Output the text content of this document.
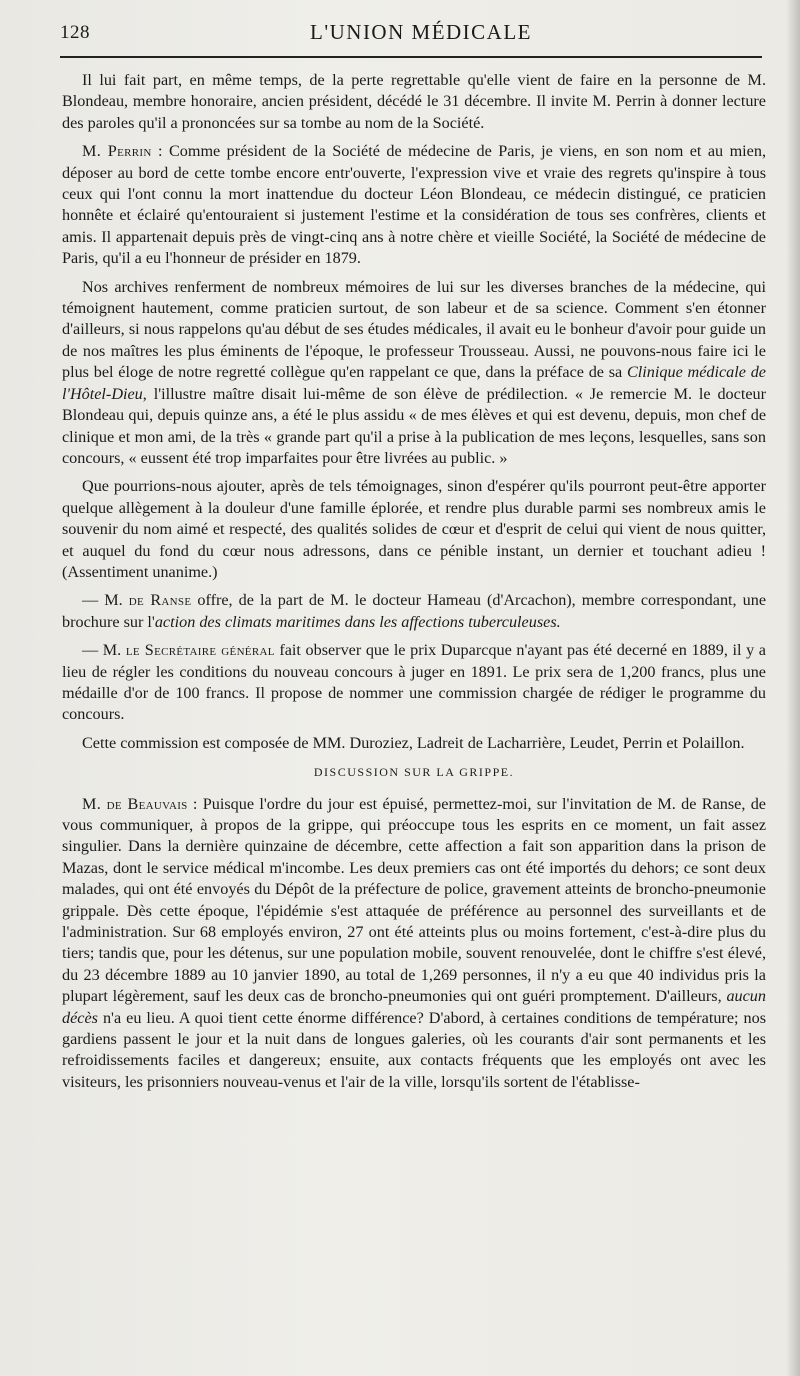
128	L'UNION MÉDICALE

Il lui fait part, en même temps, de la perte regrettable qu'elle vient de faire en la personne de M. Blondeau, membre honoraire, ancien président, décédé le 31 décembre. Il invite M. Perrin à donner lecture des paroles qu'il a prononcées sur sa tombe au nom de la Société.

M. Perrin : Comme président de la Société de médecine de Paris, je viens, en son nom et au mien, déposer au bord de cette tombe encore entr'ouverte, l'expression vive et vraie des regrets qu'inspire à tous ceux qui l'ont connu la mort inattendue du docteur Léon Blondeau, ce médecin distingué, ce praticien honnête et éclairé qu'entouraient si justement l'estime et la considération de tous ses confrères, clients et amis. Il appartenait depuis près de vingt-cinq ans à notre chère et vieille Société, la Société de médecine de Paris, qu'il a eu l'honneur de présider en 1879.

Nos archives renferment de nombreux mémoires de lui sur les diverses branches de la médecine, qui témoignent hautement, comme praticien surtout, de son labeur et de sa science. Comment s'en étonner d'ailleurs, si nous rappelons qu'au début de ses études médicales, il avait eu le bonheur d'avoir pour guide un de nos maîtres les plus éminents de l'époque, le professeur Trousseau. Aussi, ne pouvons-nous faire ici le plus bel éloge de notre regretté collègue qu'en rappelant ce que, dans la préface de sa Clinique médicale de l'Hôtel-Dieu, l'illustre maître disait lui-même de son élève de prédilection. « Je remercie M. le docteur Blondeau qui, depuis quinze ans, a été le plus assidu « de mes élèves et qui est devenu, depuis, mon chef de clinique et mon ami, de la très « grande part qu'il a prise à la publication de mes leçons, lesquelles, sans son concours, « eussent été trop imparfaites pour être livrées au public. »

Que pourrions-nous ajouter, après de tels témoignages, sinon d'espérer qu'ils pourront peut-être apporter quelque allègement à la douleur d'une famille éplorée, et rendre plus durable parmi ses nombreux amis le souvenir du nom aimé et respecté, des qualités solides de cœur et d'esprit de celui qui vient de nous quitter, et auquel du fond du cœur nous adressons, dans ce pénible instant, un dernier et touchant adieu ! (Assentiment unanime.)

— M. de Ranse offre, de la part de M. le docteur Hameau (d'Arcachon), membre correspondant, une brochure sur l'action des climats maritimes dans les affections tuberculeuses.

— M. le Secrétaire général fait observer que le prix Duparcque n'ayant pas été decerné en 1889, il y a lieu de régler les conditions du nouveau concours à juger en 1891. Le prix sera de 1,200 francs, plus une médaille d'or de 100 francs. Il propose de nommer une commission chargée de rédiger le programme du concours.

Cette commission est composée de MM. Duroziez, Ladreit de Lacharrière, Leudet, Perrin et Polaillon.

DISCUSSION SUR LA GRIPPE.

M. de Beauvais : Puisque l'ordre du jour est épuisé, permettez-moi, sur l'invitation de M. de Ranse, de vous communiquer, à propos de la grippe, qui préoccupe tous les esprits en ce moment, un fait assez singulier. Dans la dernière quinzaine de décembre, cette affection a fait son apparition dans la prison de Mazas, dont le service médical m'incombe. Les deux premiers cas ont été importés du dehors; ce sont deux malades, qui ont été envoyés du Dépôt de la préfecture de police, gravement atteints de broncho-pneumonie grippale. Dès cette époque, l'épidémie s'est attaquée de préférence au personnel des surveillants et de l'administration. Sur 68 employés environ, 27 ont été atteints plus ou moins fortement, c'est-à-dire plus du tiers; tandis que, pour les détenus, sur une population mobile, souvent renouvelée, dont le chiffre s'est élevé, du 23 décembre 1889 au 10 janvier 1890, au total de 1,269 personnes, il n'y a eu que 40 individus pris la plupart légèrement, sauf les deux cas de broncho-pneumonies qui ont guéri promptement. D'ailleurs, aucun décès n'a eu lieu. A quoi tient cette énorme différence? D'abord, à certaines conditions de température; nos gardiens passent le jour et la nuit dans de longues galeries, où les courants d'air sont permanents et les refroidissements faciles et dangereux; ensuite, aux contacts fréquents que les employés ont avec les visiteurs, les prisonniers nouveau-venus et l'air de la ville, lorsqu'ils sortent de l'établisse-
